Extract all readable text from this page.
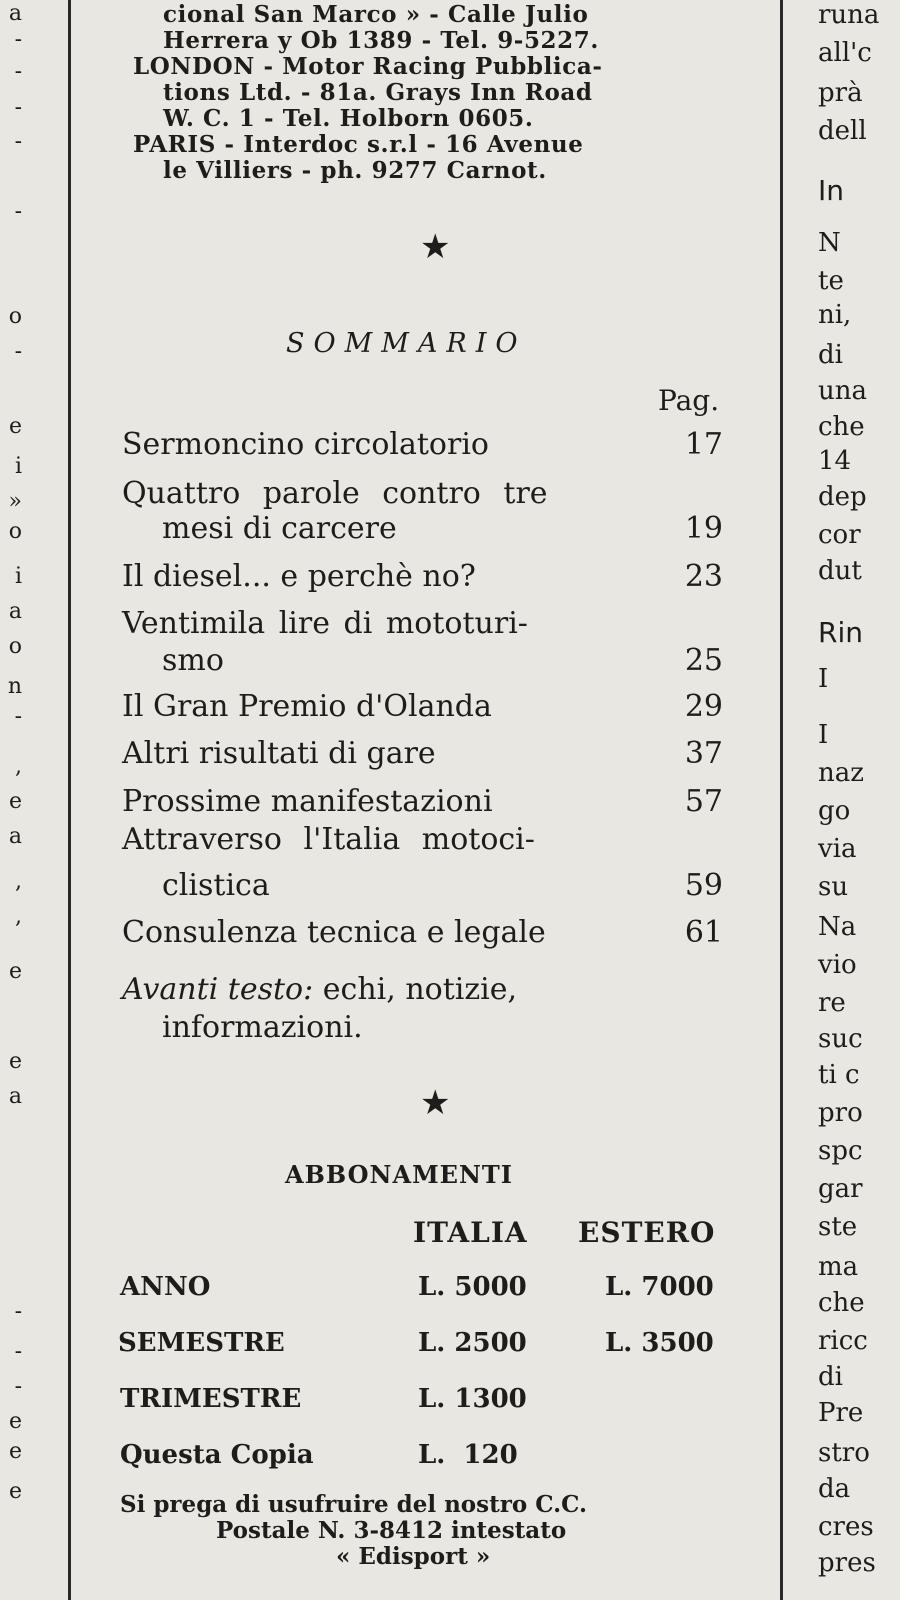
a
-
-
-
-
-
o
-
e
i
»
o
i
a
o
n
-
,
e
a
,
,
e
e
a
-
-
-
e
e
e
cional San Marco » - Calle Julio
Herrera y Ob 1389 - Tel. 9-5227.
LONDON - Motor Racing Pubblica-
tions Ltd. - 81a. Grays Inn Road
W. C. 1 - Tel. Holborn 0605.
PARIS - Interdoc s.r.l - 16 Avenue
le Villiers - ph. 9277 Carnot.
★
SOMMARIO
Pag.
Sermoncino circolatorio	17
Quattro parole contro tre
mesi di carcere	19
Il diesel... e perchè no?	23
Ventimila lire di mototuri-
smo	25
Il Gran Premio d'Olanda	29
Altri risultati di gare	37
Prossime manifestazioni	57
Attraverso l'Italia motoci-
clistica	59
Consulenza tecnica e legale	61
Avanti testo: echi, notizie,
informazioni.
★
ABBONAMENTI
ITALIA ESTERO
ANNO	L. 5000	L. 7000
SEMESTRE	L. 2500	L. 3500
TRIMESTRE	L. 1300
Questa Copia	L.  120
Si prega di usufruire del nostro C.C.
Postale N. 3-8412 intestato
« Edisport »
runa
all'c
prà
dell
In
N
te
ni,
di
una
che
14
dep
cor
dut
Rin
I
I
naz
go
via
su
Na
vio
re
suc
ti c
pro
spc
gar
ste
ma
che
ricc
di
Pre
stro
da
cres
pres
